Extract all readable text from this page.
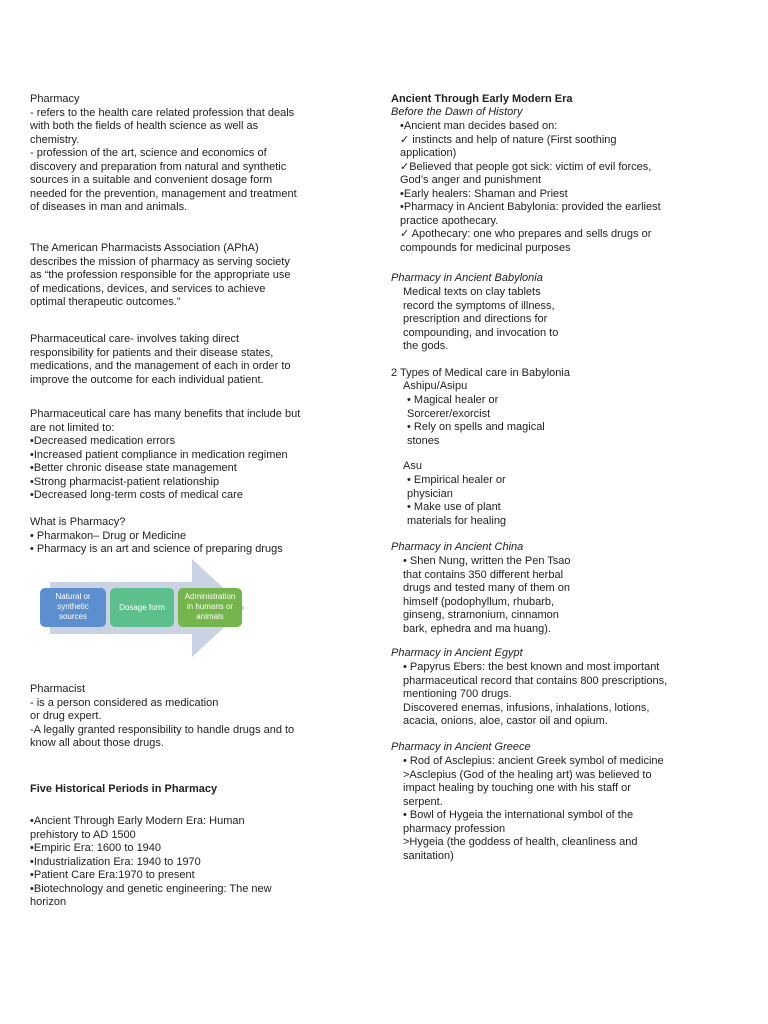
Pharmacy

- refers to the health care related profession that deals

with both the fields of health science as well as

chemistry.

- profession of the art, science and economics of

discovery and preparation from natural and synthetic

sources in a suitable and convenient dosage form

needed for the prevention, management and treatment

of diseases in man and animals.

The American Pharmacists Association (APhA)

describes the mission of pharmacy as serving society

as “the profession responsible for the appropriate use

of medications, devices, and services to achieve

optimal therapeutic outcomes.”

Pharmaceutical care- involves taking direct

responsibility for patients and their disease states,

medications, and the management of each in order to

improve the outcome for each individual patient.

Pharmaceutical care has many benefits that include but

are not limited to:

•Decreased medication errors

•Increased patient compliance in medication regimen

•Better chronic disease state management

•Strong pharmacist-patient relationship

•Decreased long-term costs of medical care

What is Pharmacy?

• Pharmakon– Drug or Medicine

• Pharmacy is an art and science of preparing drugs

Natural or
synthetic
sources
Dosage form
Administration
in humans or
animals

Pharmacist

- is a person considered as medication

or drug expert.

-A legally granted responsibility to handle drugs and to

know all about those drugs.

Five Historical Periods in Pharmacy

•Ancient Through Early Modern Era: Human

prehistory to AD 1500

•Empiric Era: 1600 to 1940

•Industrialization Era: 1940 to 1970

•Patient Care Era:1970 to present

•Biotechnology and genetic engineering: The new

horizon

Ancient Through Early Modern Era

Before the Dawn of History

•Ancient man decides based on:

✓ instincts and help of nature (First soothing

application)

✓Believed that people got sick: victim of evil forces,

God’s anger and punishment

•Early healers: Shaman and Priest

•Pharmacy in Ancient Babylonia: provided the earliest

practice apothecary.

✓ Apothecary: one who prepares and sells drugs or

compounds for medicinal purposes

Pharmacy in Ancient Babylonia

Medical texts on clay tablets

record the symptoms of illness,

prescription and directions for

compounding, and invocation to

the gods.

2 Types of Medical care in Babylonia

Ashipu/Asipu

• Magical healer or

Sorcerer/exorcist

• Rely on spells and magical

stones

Asu

• Empirical healer or

physician

• Make use of plant

materials for healing

Pharmacy in Ancient China

• Shen Nung, written the Pen Tsao

that contains 350 different herbal

drugs and tested many of them on

himself (podophyllum, rhubarb,

ginseng, stramonium, cinnamon

bark, ephedra and ma huang).

Pharmacy in Ancient Egypt

• Papyrus Ebers: the best known and most important

pharmaceutical record that contains 800 prescriptions,

mentioning 700 drugs.

Discovered enemas, infusions, inhalations, lotions,

acacia, onions, aloe, castor oil and opium.

Pharmacy in Ancient Greece

• Rod of Asclepius: ancient Greek symbol of medicine

>Asclepius (God of the healing art) was believed to

impact healing by touching one with his staff or

serpent.

• Bowl of Hygeia the international symbol of the

pharmacy profession

>Hygeia (the goddess of health, cleanliness and

sanitation)
